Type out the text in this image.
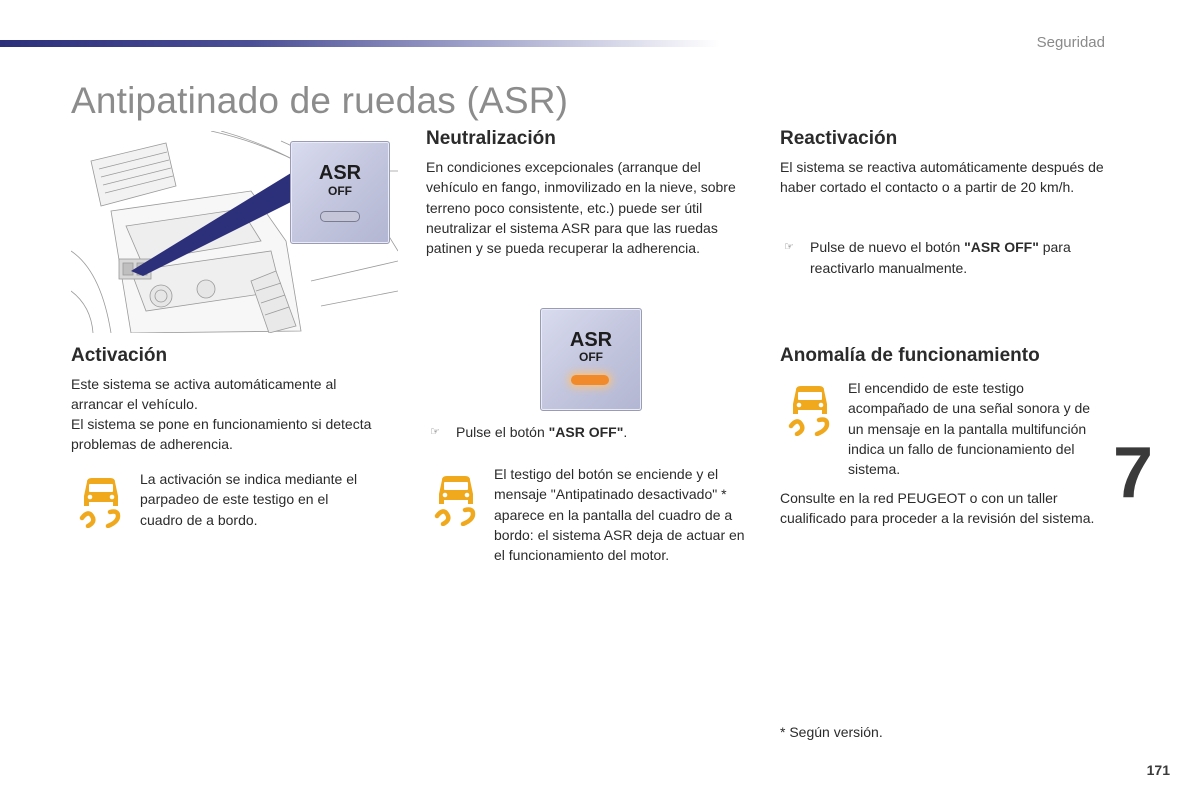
Seguridad
Antipatinado de ruedas (ASR)
ASR
OFF
Activación

Este sistema se activa automáticamente al arrancar el vehículo.

El sistema se pone en funcionamiento si detecta problemas de adherencia.

La activación se indica mediante el parpadeo de este testigo en el cuadro de a bordo.

Neutralización

En condiciones excepcionales (arranque del vehículo en fango, inmovilizado en la nieve, sobre terreno poco consistente, etc.) puede ser útil neutralizar el sistema ASR para que las ruedas patinen y se pueda recuperar la adherencia.

ASR
OFF
☞ Pulse el botón "ASR OFF".

El testigo del botón se enciende y el mensaje "Antipatinado desactivado" * aparece en la pantalla del cuadro de a bordo: el sistema ASR deja de actuar en el funcionamiento del motor.

Reactivación

El sistema se reactiva automáticamente después de haber cortado el contacto o a partir de 20 km/h.

☞ Pulse de nuevo el botón "ASR OFF" para reactivarlo manualmente.
Anomalía de funcionamiento

El encendido de este testigo acompañado de una señal sonora y de un mensaje en la pantalla multifunción indica un fallo de funcionamiento del sistema.

Consulte en la red PEUGEOT o con un taller cualificado para proceder a la revisión del sistema.

7
* Según versión.
171
